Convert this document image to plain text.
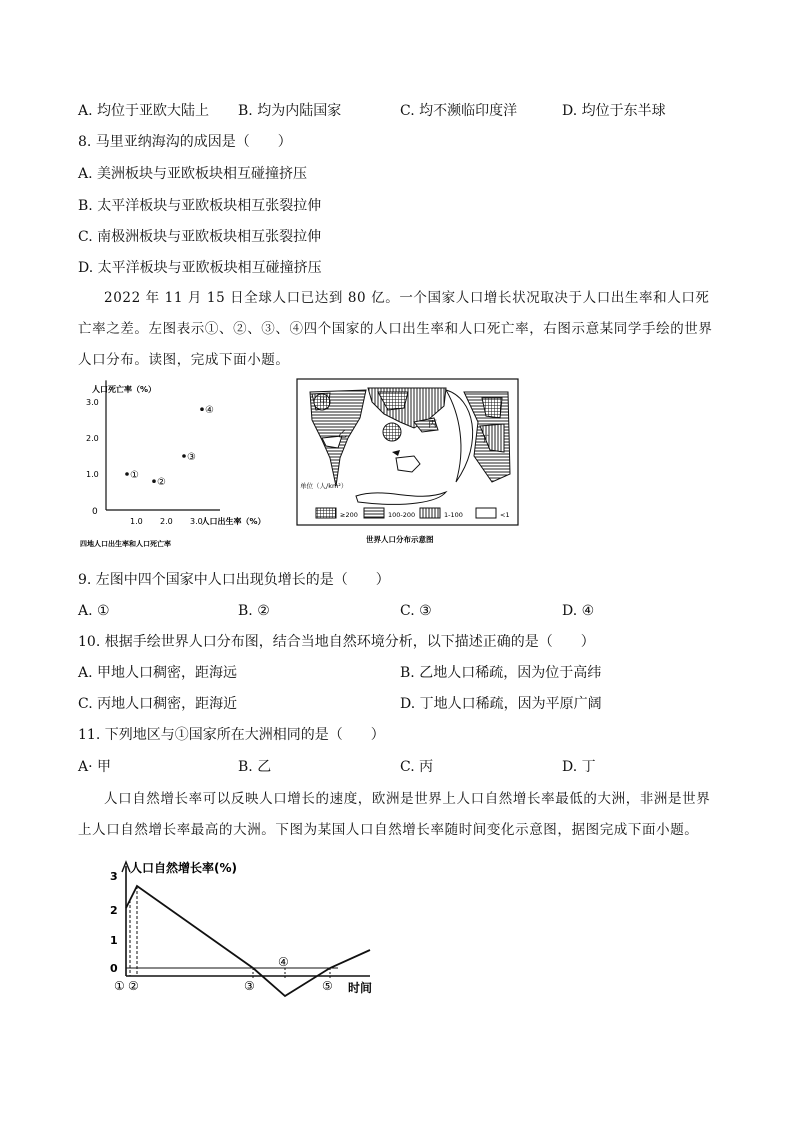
A. 均位于亚欧大陆上 B. 均为内陆国家	C. 均不濒临印度洋	D. 均位于东半球
8. 马里亚纳海沟的成因是（　　）
A. 美洲板块与亚欧板块相互碰撞挤压
B. 太平洋板块与亚欧板块相互张裂拉伸
C. 南极洲板块与亚欧板块相互张裂拉伸
D. 太平洋板块与亚欧板块相互碰撞挤压
2022 年 11 月 15 日全球人口已达到 80 亿。一个国家人口增长状况取决于人口出生率和人口死亡率之差。左图表示①、②、③、④四个国家的人口出生率和人口死亡率，右图示意某同学手绘的世界人口分布。读图，完成下面小题。
人口死亡率（%）
3.0
2.0
1.0
0
1.0 2.0 3.0
人口出生率（%）
①
②
③
④
四地人口出生率和人口死亡率
甲
乙
丙
丁
单位（人/km²）
≥200	100-200	1-100	<1
世界人口分布示意图
9. 左图中四个国家中人口出现负增长的是（　　）
A. ①	B. ②	C. ③	D. ④
10. 根据手绘世界人口分布图，结合当地自然环境分析，以下描述正确的是（　　）
A. 甲地人口稠密，距海远	B. 乙地人口稀疏，因为位于高纬
C. 丙地人口稠密，距海近	D. 丁地人口稀疏，因为平原广阔
11. 下列地区与①国家所在大洲相同的是（　　）
A· 甲	B. 乙	C. 丙	D. 丁
人口自然增长率可以反映人口增长的速度，欧洲是世界上人口自然增长率最低的大洲，非洲是世界上人口自然增长率最高的大洲。下图为某国人口自然增长率随时间变化示意图，据图完成下面小题。
人口自然增长率(%)
3
2
1
0
① ②	③
④
⑤ 时间
